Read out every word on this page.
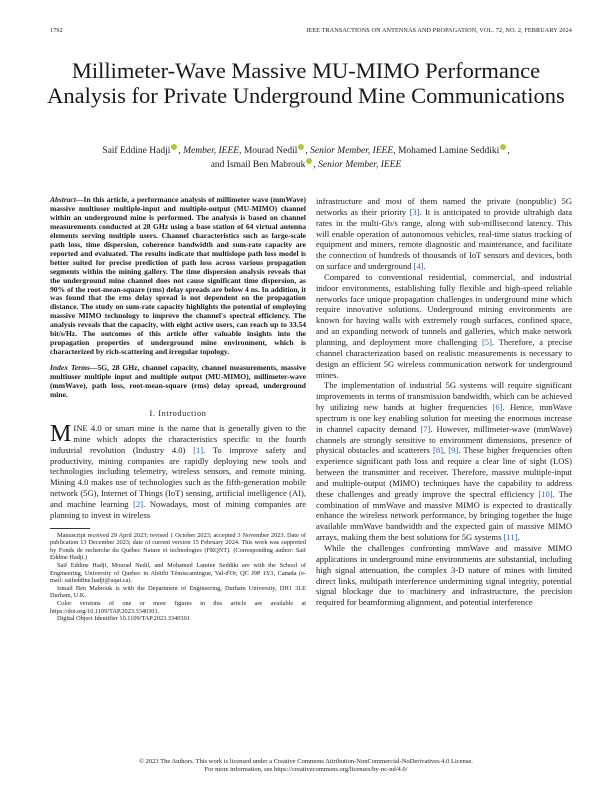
1792	IEEE TRANSACTIONS ON ANTENNAS AND PROPAGATION, VOL. 72, NO. 2, FEBRUARY 2024
Millimeter-Wave Massive MU-MIMO Performance Analysis for Private Underground Mine Communications
Saif Eddine Hadji , Member, IEEE, Mourad Nedil , Senior Member, IEEE, Mohamed Lamine Seddiki ,
and Ismail Ben Mabrouk , Senior Member, IEEE

Abstract—In this article, a performance analysis of millimeter wave (mmWave) massive multiuser multiple-input and multiple-output (MU-MIMO) channel within an underground mine is performed. The analysis is based on channel measurements conducted at 28 GHz using a base station of 64 virtual antenna elements serving multiple users. Channel characteristics such as large-scale path loss, time dispersion, coherence bandwidth and sum-rate capacity are reported and evaluated. The results indicate that multislope path loss model is better suited for precise prediction of path loss across various propagation segments within the mining gallery. The time dispersion analysis reveals that the underground mine channel does not cause significant time dispersion, as 90% of the root-mean-square (rms) delay spreads are below 4 ns. In addition, it was found that the rms delay spread is not dependent on the propagation distance. The study on sum-rate capacity highlights the potential of employing massive MIMO technology to improve the channel's spectral efficiency. The analysis reveals that the capacity, with eight active users, can reach up to 33.54 bit/s/Hz. The outcomes of this article offer valuable insights into the propagation properties of underground mine environment, which is characterized by rich-scattering and irregular topology.

Index Terms—5G, 28 GHz, channel capacity, channel measurements, massive multiuser multiple input and multiple output (MU-MIMO), millimeter-wave (mmWave), path loss, root-mean-square (rms) delay spread, underground mine.

I. Introduction

MINE 4.0 or smart mine is the name that is generally given to the mine which adopts the characteristics specific to the fourth industrial revolution (Industry 4.0) [1]. To improve safety and productivity, mining companies are rapidly deploying new tools and technologies including telemetry, wireless sensors, and remote mining. Mining 4.0 makes use of technologies such as the fifth-generation mobile network (5G), Internet of Things (IoT) sensing, artificial intelligence (AI), and machine learning [2]. Nowadays, most of mining companies are planning to invest in wireless

Manuscript received 29 April 2023; revised 1 October 2023; accepted 3 November 2023. Date of publication 13 December 2023; date of current version 15 February 2024. This work was supported by Fonds de recherche du Québec Nature et technologies (FRQNT). (Corresponding author: Saif Eddine Hadji.)

Saif Eddine Hadji, Mourad Nedil, and Mohamed Lamine Seddiki are with the School of Engineering, University of Quebec in Abitibi Témiscamingue, Val-d'Or, QC J9P 1Y3, Canada (e-mail: saifeddine.hadji@uqat.ca).

Ismail Ben Mabrouk is with the Department of Engineering, Durham University, DH1 3LE Durham, U.K.

Color versions of one or more figures in this article are available at https://doi.org/10.1109/TAP.2023.3340301.

Digital Object Identifier 10.1109/TAP.2023.3340301

infrastructure and most of them named the private (nonpublic) 5G networks as their priority [3]. It is anticipated to provide ultrahigh data rates in the multi-Gb/s range, along with sub-millisecond latency. This will enable operation of autonomous vehicles, real-time status tracking of equipment and miners, remote diagnostic and maintenance, and facilitate the connection of hundreds of thousands of IoT sensors and devices, both on surface and underground [4].

Compared to conventional residential, commercial, and industrial indoor environments, establishing fully flexible and high-speed reliable networks face unique propagation challenges in underground mine which require innovative solutions. Underground mining environments are known for having walls with extremely rough surfaces, confined space, and an expanding network of tunnels and galleries, which make network planning, and deployment more challenging [5]. Therefore, a precise channel characterization based on realistic measurements is necessary to design an efficient 5G wireless communication network for underground mines.

The implementation of industrial 5G systems will require significant improvements in terms of transmission bandwidth, which can be achieved by utilizing new bands at higher frequencies [6]. Hence, mmWave spectrum is one key enabling solution for meeting the enormous increase in channel capacity demand [7]. However, millimeter-wave (mmWave) channels are strongly sensitive to environment dimensions, presence of physical obstacles and scatterers [8], [9]. These higher frequencies often experience significant path loss and require a clear line of sight (LOS) between the transmitter and receiver. Therefore, massive multiple-input and multiple-output (MIMO) techniques have the capability to address these challenges and greatly improve the spectral efficiency [10]. The combination of mmWave and massive MIMO is expected to drastically enhance the wireless network performance, by bringing together the huge available mmWave bandwidth and the expected gain of massive MIMO arrays, making them the best solutions for 5G systems [11].

While the challenges confronting mmWave and massive MIMO applications in underground mine environments are substantial, including high signal attenuation, the complex 3-D nature of mines with limited direct links, multipath interference undermining signal integrity, potential signal blockage due to machinery and infrastructure, the precision required for beamforming alignment, and potential interference

© 2023 The Authors. This work is licensed under a Creative Commons Attribution-NonCommercial-NoDerivatives 4.0 License.
For more information, see https://creativecommons.org/licenses/by-nc-nd/4.0/
